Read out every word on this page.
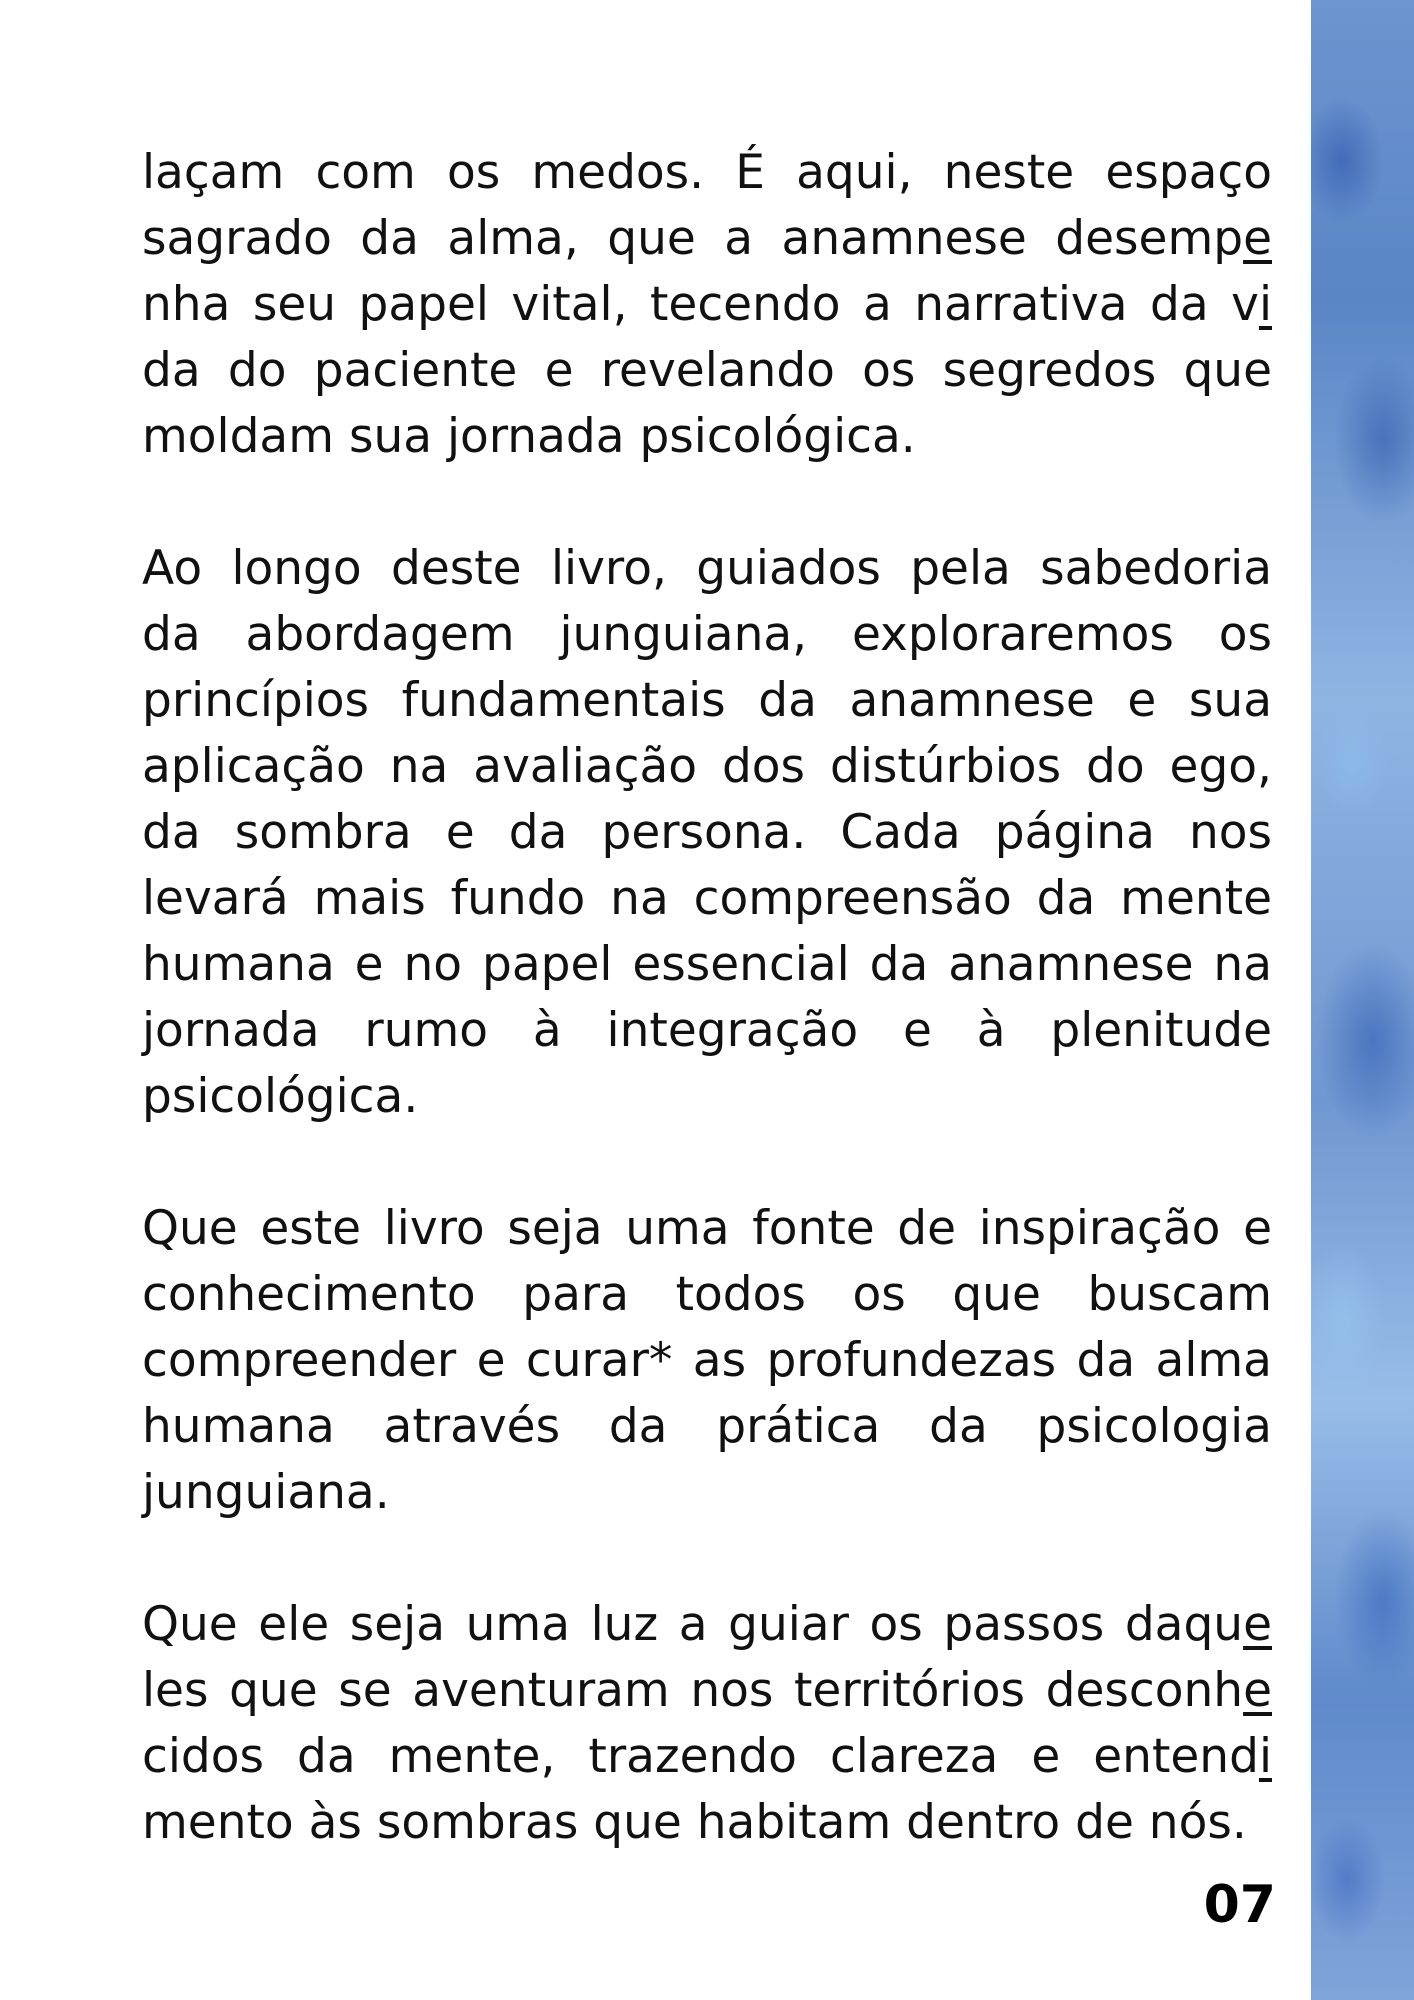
laçam com os medos. É aqui, neste espaço
sagrado da alma, que a anamnese desempe
nha seu papel vital, tecendo a narrativa da vi
da do paciente e revelando os segredos que
moldam sua jornada psicológica.
Ao longo deste livro, guiados pela sabedoria
da abordagem junguiana, exploraremos os
princípios fundamentais da anamnese e sua
aplicação na avaliação dos distúrbios do ego,
da sombra e da persona. Cada página nos
levará mais fundo na compreensão da mente
humana e no papel essencial da anamnese na
jornada rumo à integração e à plenitude
psicológica.
Que este livro seja uma fonte de inspiração e
conhecimento para todos os que buscam
compreender e curar* as profundezas da alma
humana através da prática da psicologia
junguiana.
Que ele seja uma luz a guiar os passos daque
les que se aventuram nos territórios desconhe
cidos da mente, trazendo clareza e entendi
mento às sombras que habitam dentro de nós.
07
